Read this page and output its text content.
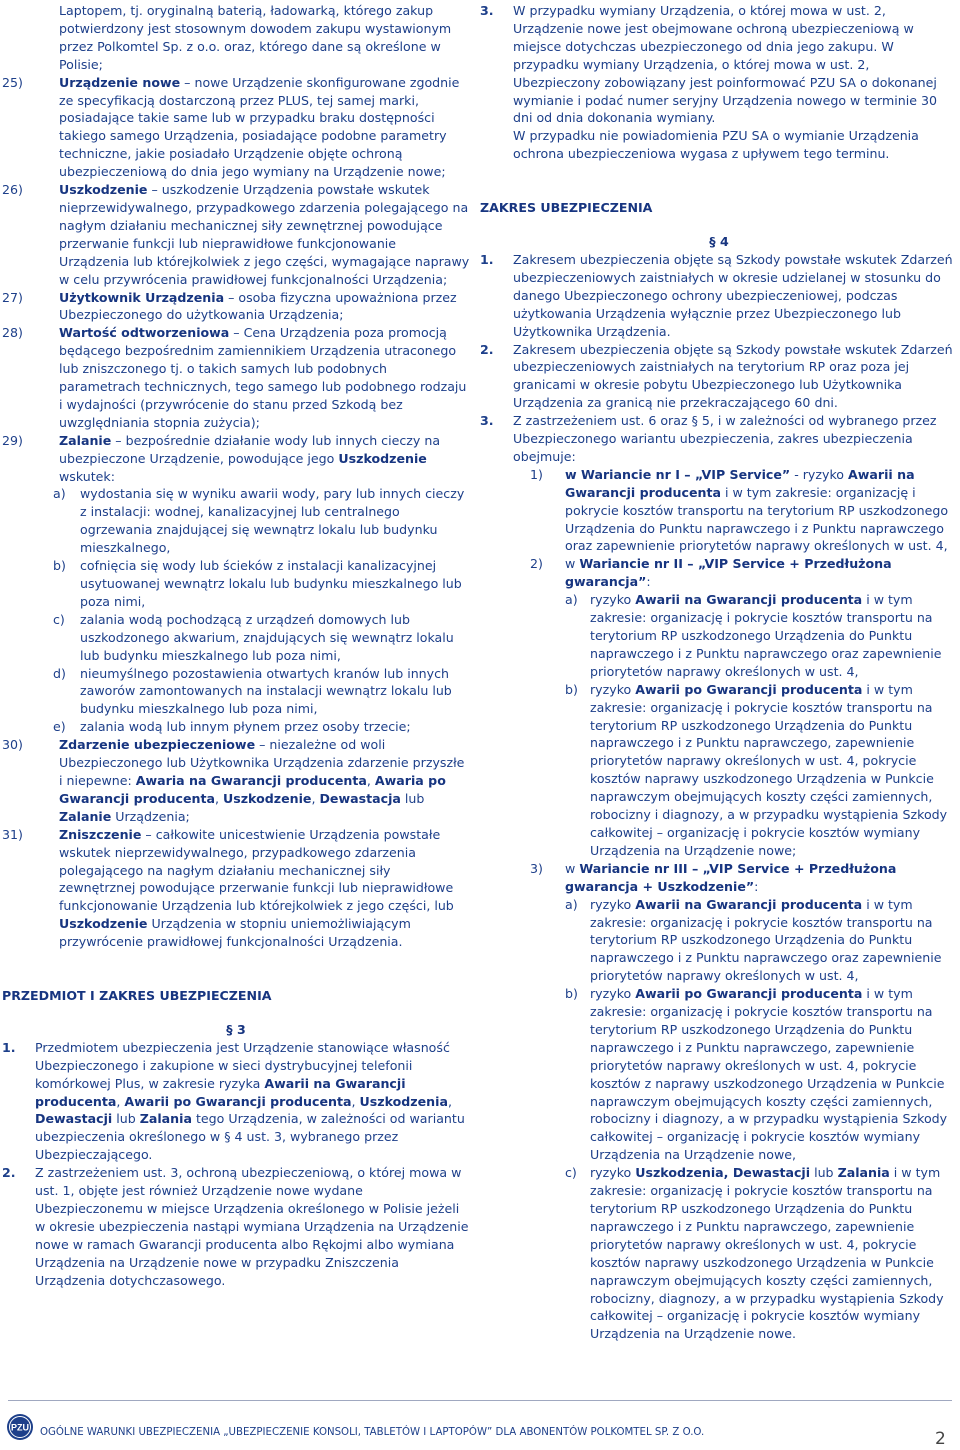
Laptopem, tj. oryginalną baterią, ładowarką, którego zakup potwierdzony jest stosownym dowodem zakupu wystawionym przez Polkomtel Sp. z o.o. oraz, którego dane są określone w Polisie;
25)	Urządzenie nowe – nowe Urządzenie skonfigurowane zgodnie ze specyfikacją dostarczoną przez PLUS, tej samej marki, posiadające takie same lub w przypadku braku dostępności takiego samego Urządzenia, posiadające podobne parametry techniczne, jakie posiadało Urządzenie objęte ochroną ubezpieczeniową do dnia jego wymiany na Urządzenie nowe;
26)	Uszkodzenie – uszkodzenie Urządzenia powstałe wskutek nieprzewidywalnego, przypadkowego zdarzenia polegającego na nagłym działaniu mechanicznej siły zewnętrznej powodujące przerwanie funkcji lub nieprawidłowe funkcjonowanie Urządzenia lub którejkolwiek z jego części, wymagające naprawy w celu przywrócenia prawidłowej funkcjonalności Urządzenia;
27)	Użytkownik Urządzenia – osoba fizyczna upoważniona przez Ubezpieczonego do użytkowania Urządzenia;
28)	Wartość odtworzeniowa – Cena Urządzenia poza promocją będącego bezpośrednim zamiennikiem Urządzenia utraconego lub zniszczonego tj. o takich samych lub podobnych parametrach technicznych, tego samego lub podobnego rodzaju i wydajności (przywrócenie do stanu przed Szkodą bez uwzględniania stopnia zużycia);
29)	Zalanie – bezpośrednie działanie wody lub innych cieczy na ubezpieczone Urządzenie, powodujące jego Uszkodzenie wskutek:
a) wydostania się w wyniku awarii wody, pary lub innych cieczy z instalacji: wodnej, kanalizacyjnej lub centralnego ogrzewania znajdującej się wewnątrz lokalu lub budynku mieszkalnego,
b) cofnięcia się wody lub ścieków z instalacji kanalizacyjnej usytuowanej wewnątrz lokalu lub budynku mieszkalnego lub poza nimi,
c) zalania wodą pochodzącą z urządzeń domowych lub uszkodzonego akwarium, znajdujących się wewnątrz lokalu lub budynku mieszkalnego lub poza nimi,
d) nieumyślnego pozostawienia otwartych kranów lub innych zaworów zamontowanych na instalacji wewnątrz lokalu lub budynku mieszkalnego lub poza nimi,
e) zalania wodą lub innym płynem przez osoby trzecie;
30)	Zdarzenie ubezpieczeniowe – niezależne od woli Ubezpieczonego lub Użytkownika Urządzenia zdarzenie przyszłe i niepewne: Awaria na Gwarancji producenta, Awaria po Gwarancji producenta, Uszkodzenie, Dewastacja lub Zalanie Urządzenia;
31)	Zniszczenie – całkowite unicestwienie Urządzenia powstałe wskutek nieprzewidywalnego, przypadkowego zdarzenia polegającego na nagłym działaniu mechanicznej siły zewnętrznej powodujące przerwanie funkcji lub nieprawidłowe funkcjonowanie Urządzenia lub którejkolwiek z jego części, lub Uszkodzenie Urządzenia w stopniu uniemożliwiającym przywrócenie prawidłowej funkcjonalności Urządzenia.
PRZEDMIOT I ZAKRES UBEZPIECZENIA
§ 3
1. Przedmiotem ubezpieczenia jest Urządzenie stanowiące własność Ubezpieczonego i zakupione w sieci dystrybucyjnej telefonii komórkowej Plus, w zakresie ryzyka Awarii na Gwarancji producenta, Awarii po Gwarancji producenta, Uszkodzenia, Dewastacji lub Zalania tego Urządzenia, w zależności od wariantu ubezpieczenia określonego w § 4 ust. 3, wybranego przez Ubezpieczającego.
2. Z zastrzeżeniem ust. 3, ochroną ubezpieczeniową, o której mowa w ust. 1, objęte jest również Urządzenie nowe wydane Ubezpieczonemu w miejsce Urządzenia określonego w Polisie jeżeli w okresie ubezpieczenia nastąpi wymiana Urządzenia na Urządzenie nowe w ramach Gwarancji producenta albo Rękojmi albo wymiana Urządzenia na Urządzenie nowe w przypadku Zniszczenia Urządzenia dotychczasowego.
3. W przypadku wymiany Urządzenia, o której mowa w ust. 2, Urządzenie nowe jest obejmowane ochroną ubezpieczeniową w miejsce dotychczas ubezpieczonego od dnia jego zakupu. W przypadku wymiany Urządzenia, o której mowa w ust. 2, Ubezpieczony zobowiązany jest poinformować PZU SA o dokonanej wymianie i podać numer seryjny Urządzenia nowego w terminie 30 dni od dnia dokonania wymiany.
W przypadku nie powiadomienia PZU SA o wymianie Urządzenia ochrona ubezpieczeniowa wygasa z upływem tego terminu.
ZAKRES UBEZPIECZENIA
§ 4
1. Zakresem ubezpieczenia objęte są Szkody powstałe wskutek Zdarzeń ubezpieczeniowych zaistniałych w okresie udzielanej w stosunku do danego Ubezpieczonego ochrony ubezpieczeniowej, podczas użytkowania Urządzenia wyłącznie przez Ubezpieczonego lub Użytkownika Urządzenia.
2. Zakresem ubezpieczenia objęte są Szkody powstałe wskutek Zdarzeń ubezpieczeniowych zaistniałych na terytorium RP oraz poza jej granicami w okresie pobytu Ubezpieczonego lub Użytkownika Urządzenia za granicą nie przekraczającego 60 dni.
3. Z zastrzeżeniem ust. 6 oraz § 5, i w zależności od wybranego przez Ubezpieczonego wariantu ubezpieczenia, zakres ubezpieczenia obejmuje:
1) w Wariancie nr I – „VIP Service” - ryzyko Awarii na Gwarancji producenta i w tym zakresie: organizację i pokrycie kosztów transportu na terytorium RP uszkodzonego Urządzenia do Punktu naprawczego i z Punktu naprawczego oraz zapewnienie priorytetów naprawy określonych w ust. 4,
2) w Wariancie nr II – „VIP Service + Przedłużona gwarancja”:
a) ryzyko Awarii na Gwarancji producenta i w tym zakresie: organizację i pokrycie kosztów transportu na terytorium RP uszkodzonego Urządzenia do Punktu naprawczego i z Punktu naprawczego oraz zapewnienie priorytetów naprawy określonych w ust. 4,
b) ryzyko Awarii po Gwarancji producenta i w tym zakresie: organizację i pokrycie kosztów transportu na terytorium RP uszkodzonego Urządzenia do Punktu naprawczego i z Punktu naprawczego, zapewnienie priorytetów naprawy określonych w ust. 4, pokrycie kosztów naprawy uszkodzonego Urządzenia w Punkcie naprawczym obejmujących koszty części zamiennych, robocizny i diagnozy, a w przypadku wystąpienia Szkody całkowitej – organizację i pokrycie kosztów wymiany Urządzenia na Urządzenie nowe;
3) w Wariancie nr III – „VIP Service + Przedłużona gwarancja + Uszkodzenie”:
a) ryzyko Awarii na Gwarancji producenta i w tym zakresie: organizację i pokrycie kosztów transportu na terytorium RP uszkodzonego Urządzenia do Punktu naprawczego i z Punktu naprawczego oraz zapewnienie priorytetów naprawy określonych w ust. 4,
b) ryzyko Awarii po Gwarancji producenta i w tym zakresie: organizację i pokrycie kosztów transportu na terytorium RP uszkodzonego Urządzenia do Punktu naprawczego i z Punktu naprawczego, zapewnienie priorytetów naprawy określonych w ust. 4, pokrycie kosztów z naprawy uszkodzonego Urządzenia w Punkcie naprawczym obejmujących koszty części zamiennych, robocizny i diagnozy, a w przypadku wystąpienia Szkody całkowitej – organizację i pokrycie kosztów wymiany Urządzenia na Urządzenie nowe,
c) ryzyko Uszkodzenia, Dewastacji lub Zalania i w tym zakresie: organizację i pokrycie kosztów transportu na terytorium RP uszkodzonego Urządzenia do Punktu naprawczego i z Punktu naprawczego, zapewnienie priorytetów naprawy określonych w ust. 4, pokrycie kosztów naprawy uszkodzonego Urządzenia w Punkcie naprawczym obejmujących koszty części zamiennych, robocizny, diagnozy, a w przypadku wystąpienia Szkody całkowitej – organizację i pokrycie kosztów wymiany Urządzenia na Urządzenie nowe.
PZU OGÓLNE WARUNKI UBEZPIECZENIA „UBEZPIECZENIE KONSOLI, TABLETÓW I LAPTOPÓW” DLA ABONENTÓW POLKOMTEL SP. Z O.O.	2
